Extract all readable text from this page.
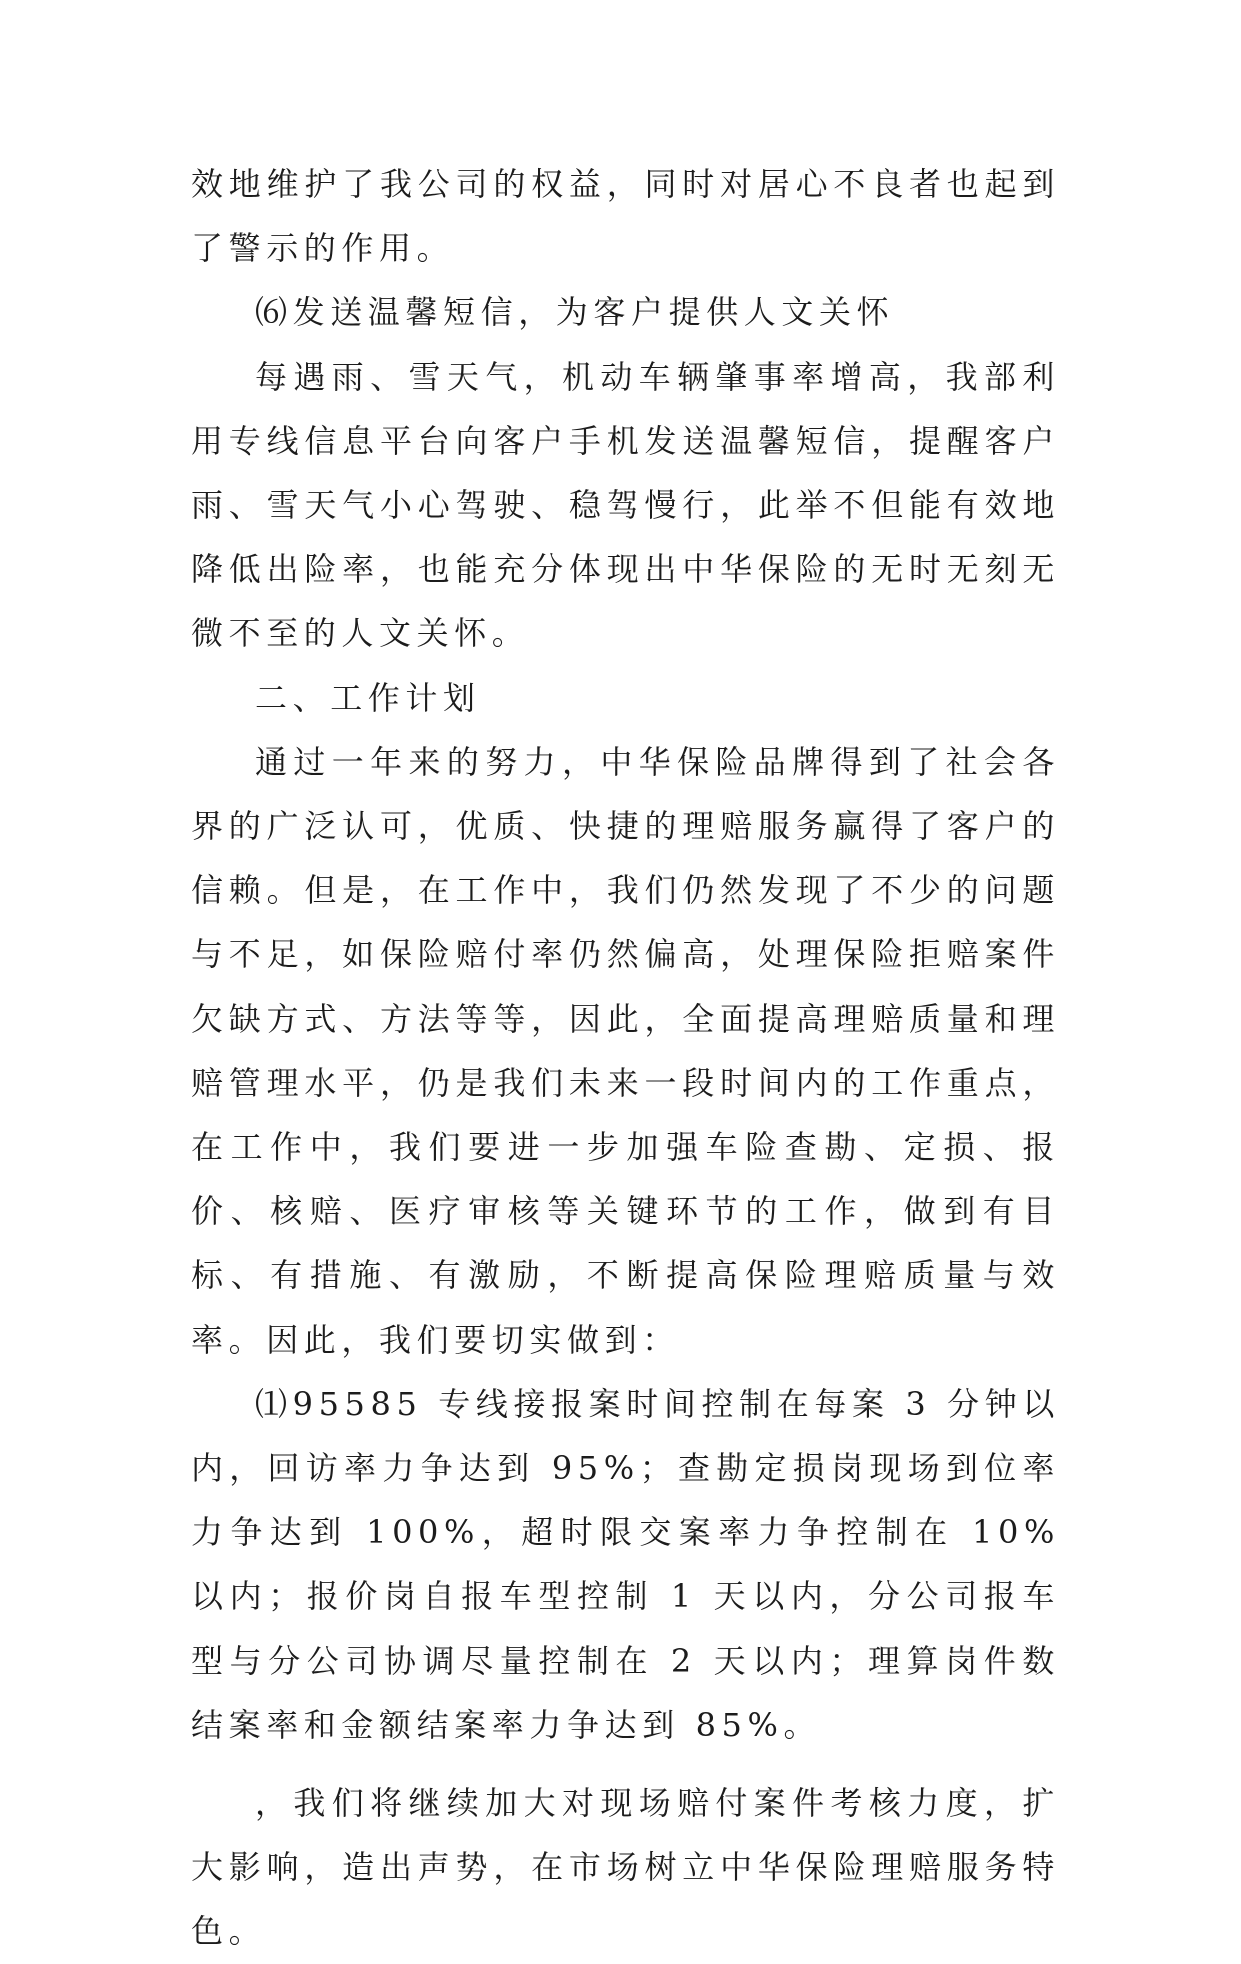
效地维护了我公司的权益，同时对居心不良者也起到了警示的作用。

⑹发送温馨短信，为客户提供人文关怀

每遇雨、雪天气，机动车辆肇事率增高，我部利用专线信息平台向客户手机发送温馨短信，提醒客户雨、雪天气小心驾驶、稳驾慢行，此举不但能有效地降低出险率，也能充分体现出中华保险的无时无刻无微不至的人文关怀。

二、工作计划

通过一年来的努力，中华保险品牌得到了社会各界的广泛认可，优质、快捷的理赔服务赢得了客户的信赖。但是，在工作中，我们仍然发现了不少的问题与不足，如保险赔付率仍然偏高，处理保险拒赔案件欠缺方式、方法等等，因此，全面提高理赔质量和理赔管理水平，仍是我们未来一段时间内的工作重点，在工作中，我们要进一步加强车险查勘、定损、报价、核赔、医疗审核等关键环节的工作，做到有目标、有措施、有激励，不断提高保险理赔质量与效率。因此，我们要切实做到：

⑴95585 专线接报案时间控制在每案 3 分钟以内，回访率力争达到 95%；查勘定损岗现场到位率力争达到 100%，超时限交案率力争控制在 10%以内；报价岗自报车型控制 1 天以内，分公司报车型与分公司协调尽量控制在 2 天以内；理算岗件数结案率和金额结案率力争达到 85%。

，我们将继续加大对现场赔付案件考核力度，扩大影响，造出声势，在市场树立中华保险理赔服务特色。
